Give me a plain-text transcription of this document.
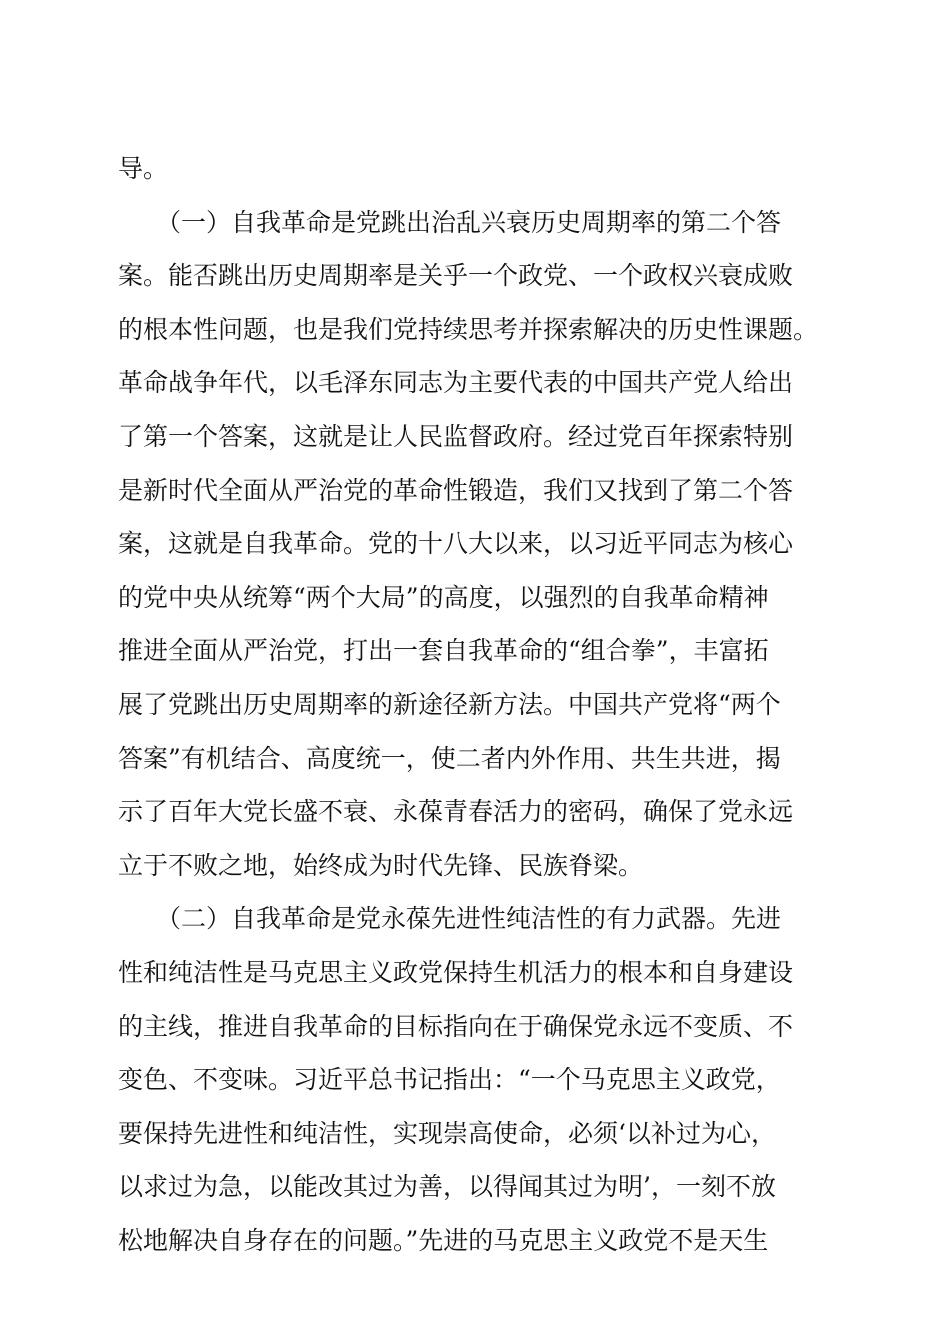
导。
（一）自我革命是党跳出治乱兴衰历史周期率的第二个答
案。能否跳出历史周期率是关乎一个政党、一个政权兴衰成败
的根本性问题，也是我们党持续思考并探索解决的历史性课题。
革命战争年代，以毛泽东同志为主要代表的中国共产党人给出
了第一个答案，这就是让人民监督政府。经过党百年探索特别
是新时代全面从严治党的革命性锻造，我们又找到了第二个答
案，这就是自我革命。党的十八大以来，以习近平同志为核心
的党中央从统筹“两个大局”的高度，以强烈的自我革命精神
推进全面从严治党，打出一套自我革命的“组合拳”，丰富拓
展了党跳出历史周期率的新途径新方法。中国共产党将“两个
答案”有机结合、高度统一，使二者内外作用、共生共进，揭
示了百年大党长盛不衰、永葆青春活力的密码，确保了党永远
立于不败之地，始终成为时代先锋、民族脊梁。
（二）自我革命是党永葆先进性纯洁性的有力武器。先进
性和纯洁性是马克思主义政党保持生机活力的根本和自身建设
的主线，推进自我革命的目标指向在于确保党永远不变质、不
变色、不变味。习近平总书记指出：“一个马克思主义政党，
要保持先进性和纯洁性，实现崇高使命，必须‘以补过为心，
以求过为急，以能改其过为善，以得闻其过为明’，一刻不放
松地解决自身存在的问题。”先进的马克思主义政党不是天生
